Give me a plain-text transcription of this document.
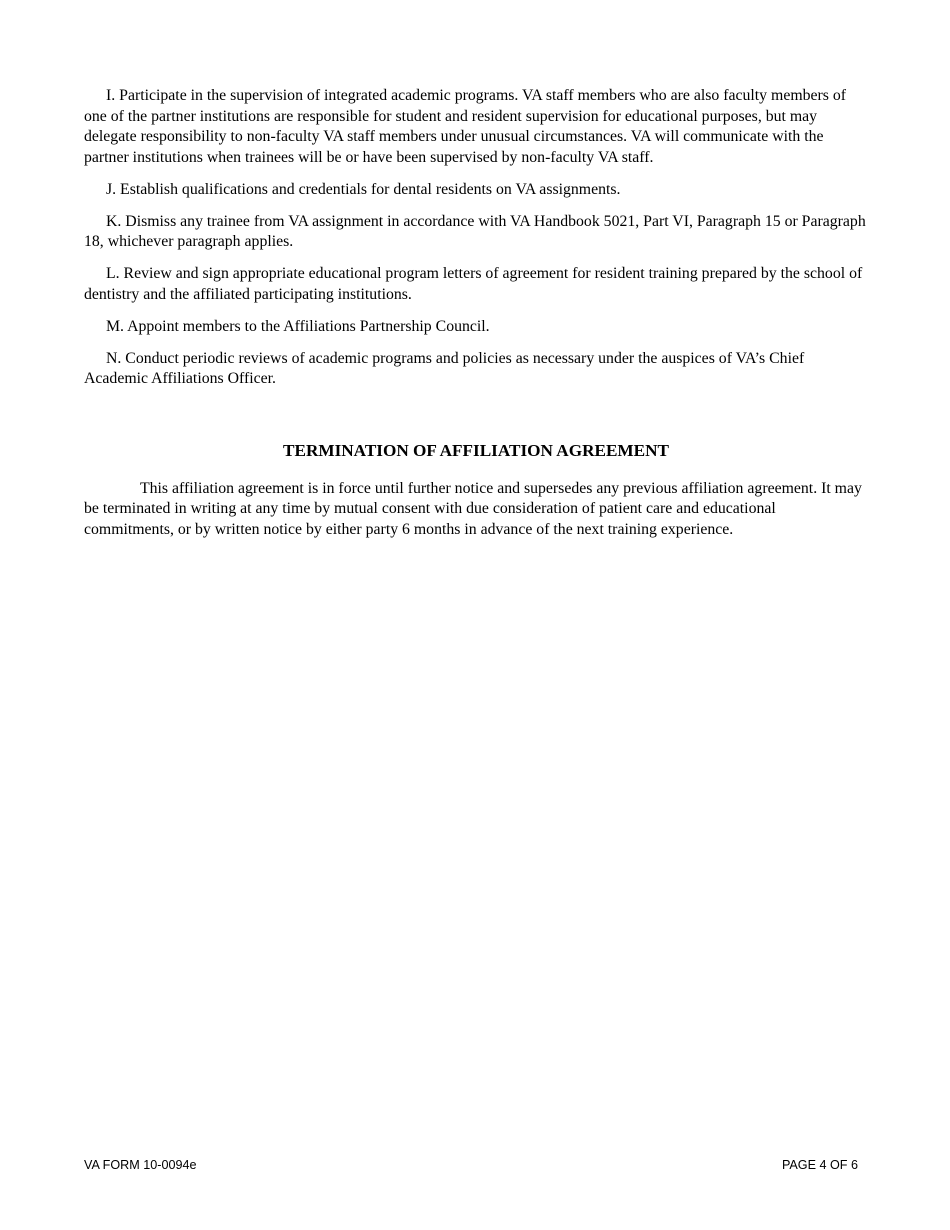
I. Participate in the supervision of integrated academic programs. VA staff members who are also faculty members of one of the partner institutions are responsible for student and resident supervision for educational purposes, but may delegate responsibility to non-faculty VA staff members under unusual circumstances. VA will communicate with the partner institutions when trainees will be or have been supervised by non-faculty VA staff.

J. Establish qualifications and credentials for dental residents on VA assignments.

K. Dismiss any trainee from VA assignment in accordance with VA Handbook 5021, Part VI, Paragraph 15 or Paragraph 18, whichever paragraph applies.

L. Review and sign appropriate educational program letters of agreement for resident training prepared by the school of dentistry and the affiliated participating institutions.

M. Appoint members to the Affiliations Partnership Council.

N. Conduct periodic reviews of academic programs and policies as necessary under the auspices of VA’s Chief Academic Affiliations Officer.

TERMINATION OF AFFILIATION AGREEMENT

This affiliation agreement is in force until further notice and supersedes any previous affiliation agreement. It may be terminated in writing at any time by mutual consent with due consideration of patient care and educational commitments, or by written notice by either party 6 months in advance of the next training experience.

VA FORM 10-0094e	PAGE 4 OF 6
